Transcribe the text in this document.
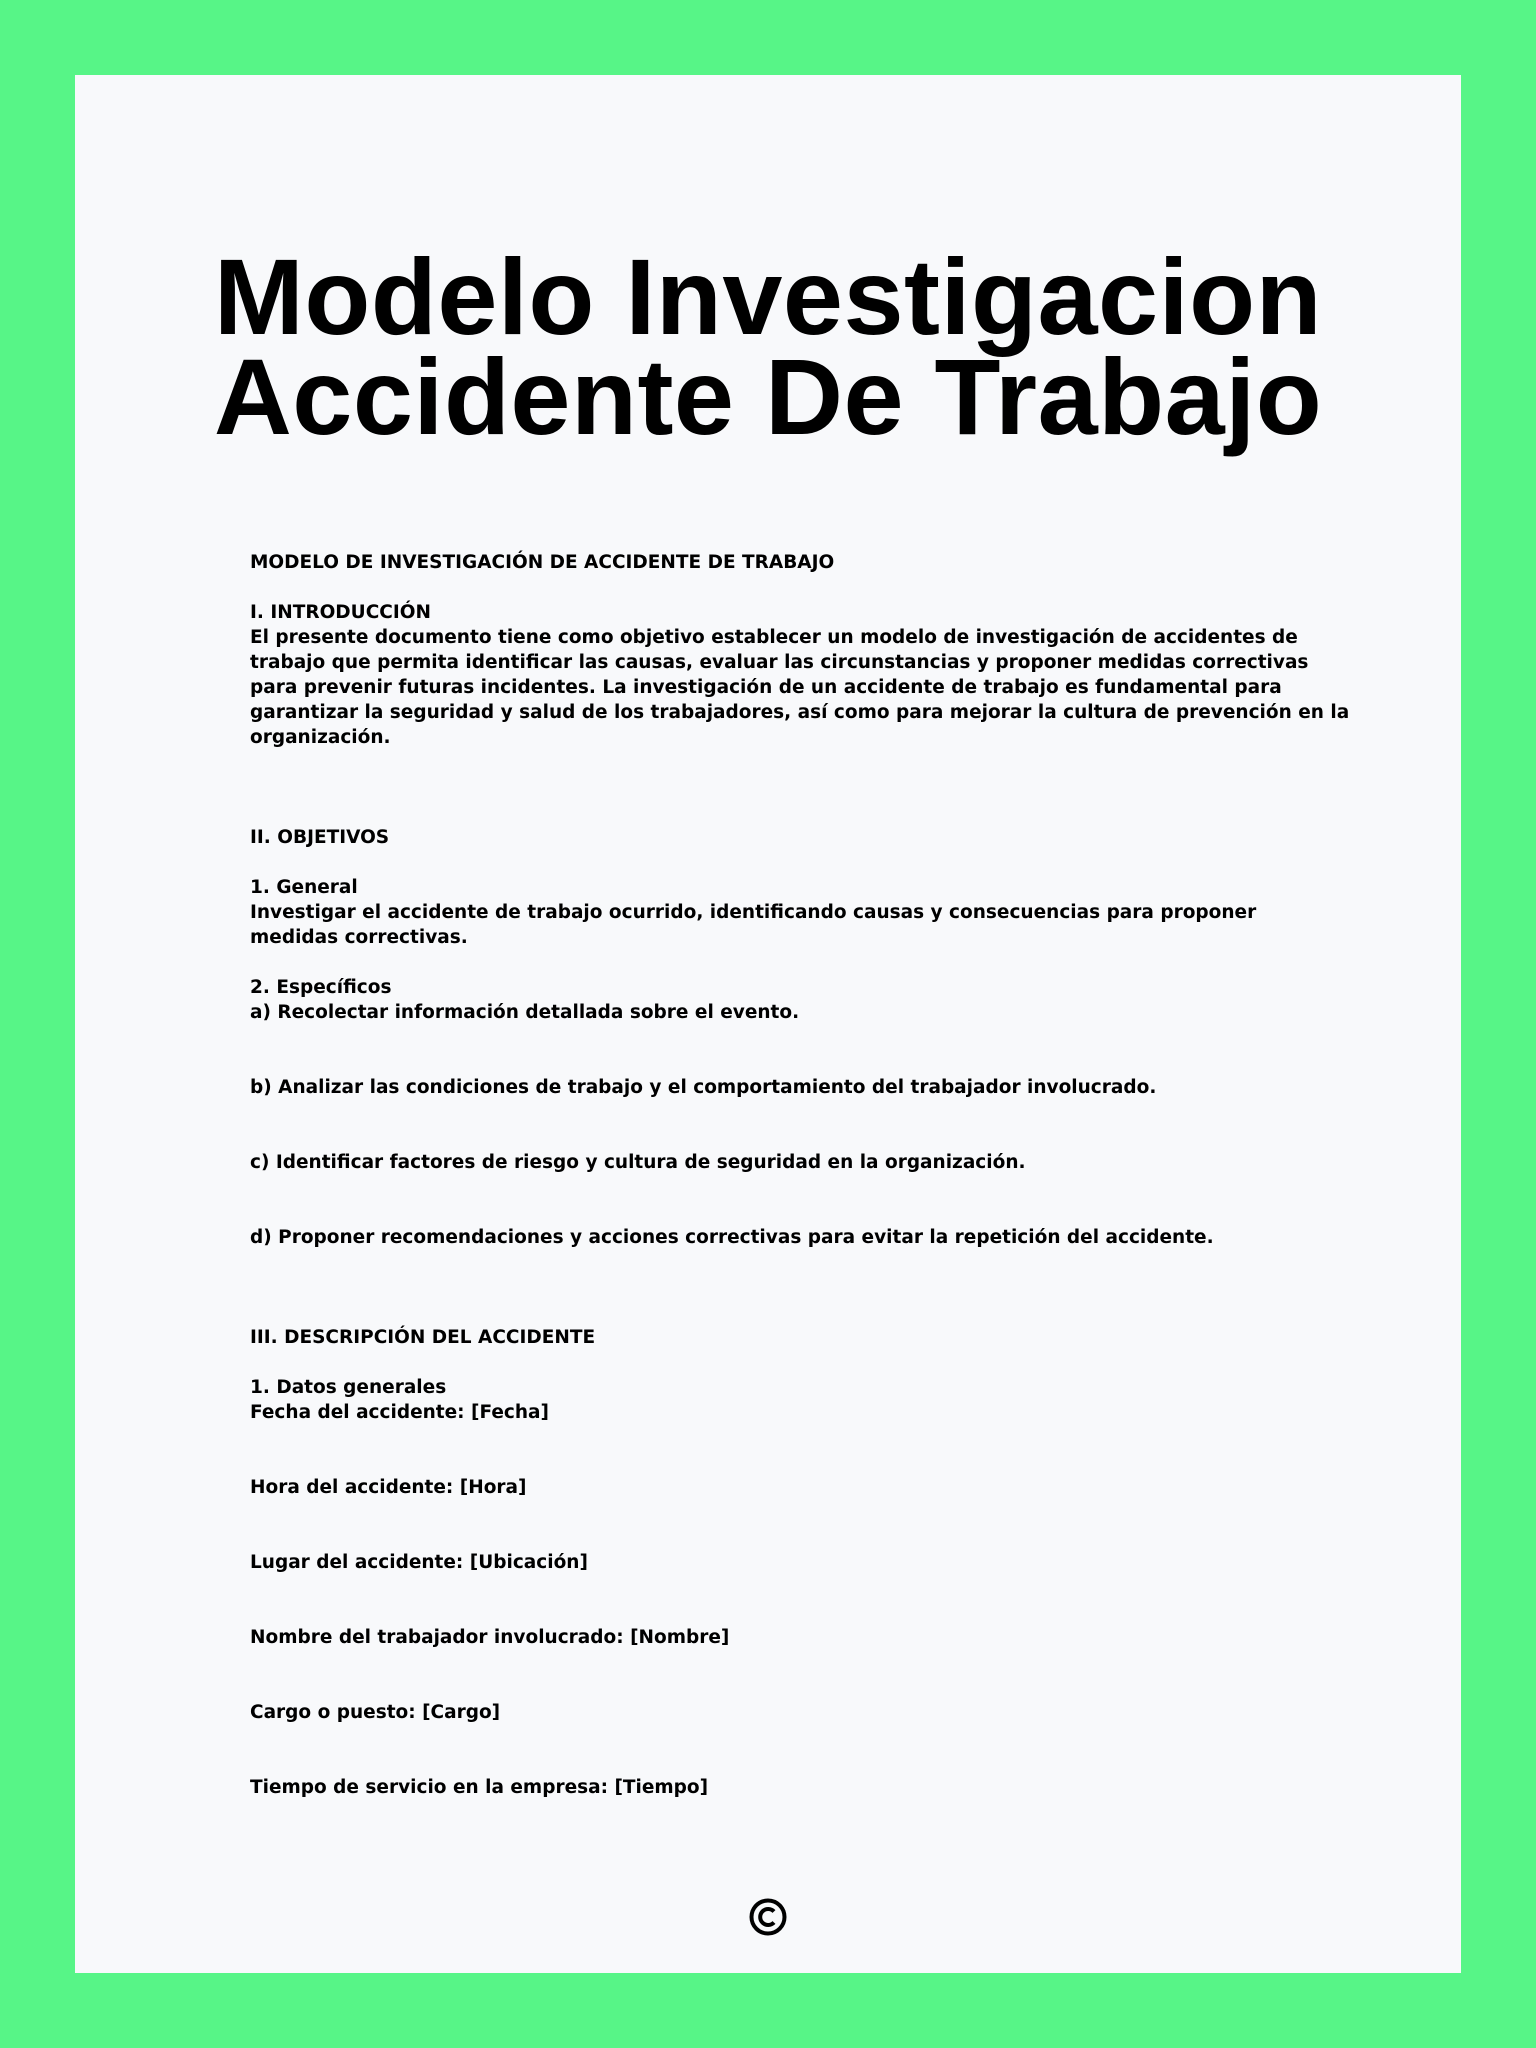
Modelo Investigacion
Accidente De Trabajo

MODELO DE INVESTIGACIÓN DE ACCIDENTE DE TRABAJO

I. INTRODUCCIÓN

El presente documento tiene como objetivo establecer un modelo de investigación de accidentes de trabajo que permita identificar las causas, evaluar las circunstancias y proponer medidas correctivas para prevenir futuras incidentes. La investigación de un accidente de trabajo es fundamental para garantizar la seguridad y salud de los trabajadores, así como para mejorar la cultura de prevención en la organización.

II. OBJETIVOS

1. General

Investigar el accidente de trabajo ocurrido, identificando causas y consecuencias para proponer medidas correctivas.

2. Específicos

a) Recolectar información detallada sobre el evento.

b) Analizar las condiciones de trabajo y el comportamiento del trabajador involucrado.

c) Identificar factores de riesgo y cultura de seguridad en la organización.

d) Proponer recomendaciones y acciones correctivas para evitar la repetición del accidente.

III. DESCRIPCIÓN DEL ACCIDENTE

1. Datos generales

Fecha del accidente: [Fecha]

Hora del accidente: [Hora]

Lugar del accidente: [Ubicación]

Nombre del trabajador involucrado: [Nombre]

Cargo o puesto: [Cargo]

Tiempo de servicio en la empresa: [Tiempo]
